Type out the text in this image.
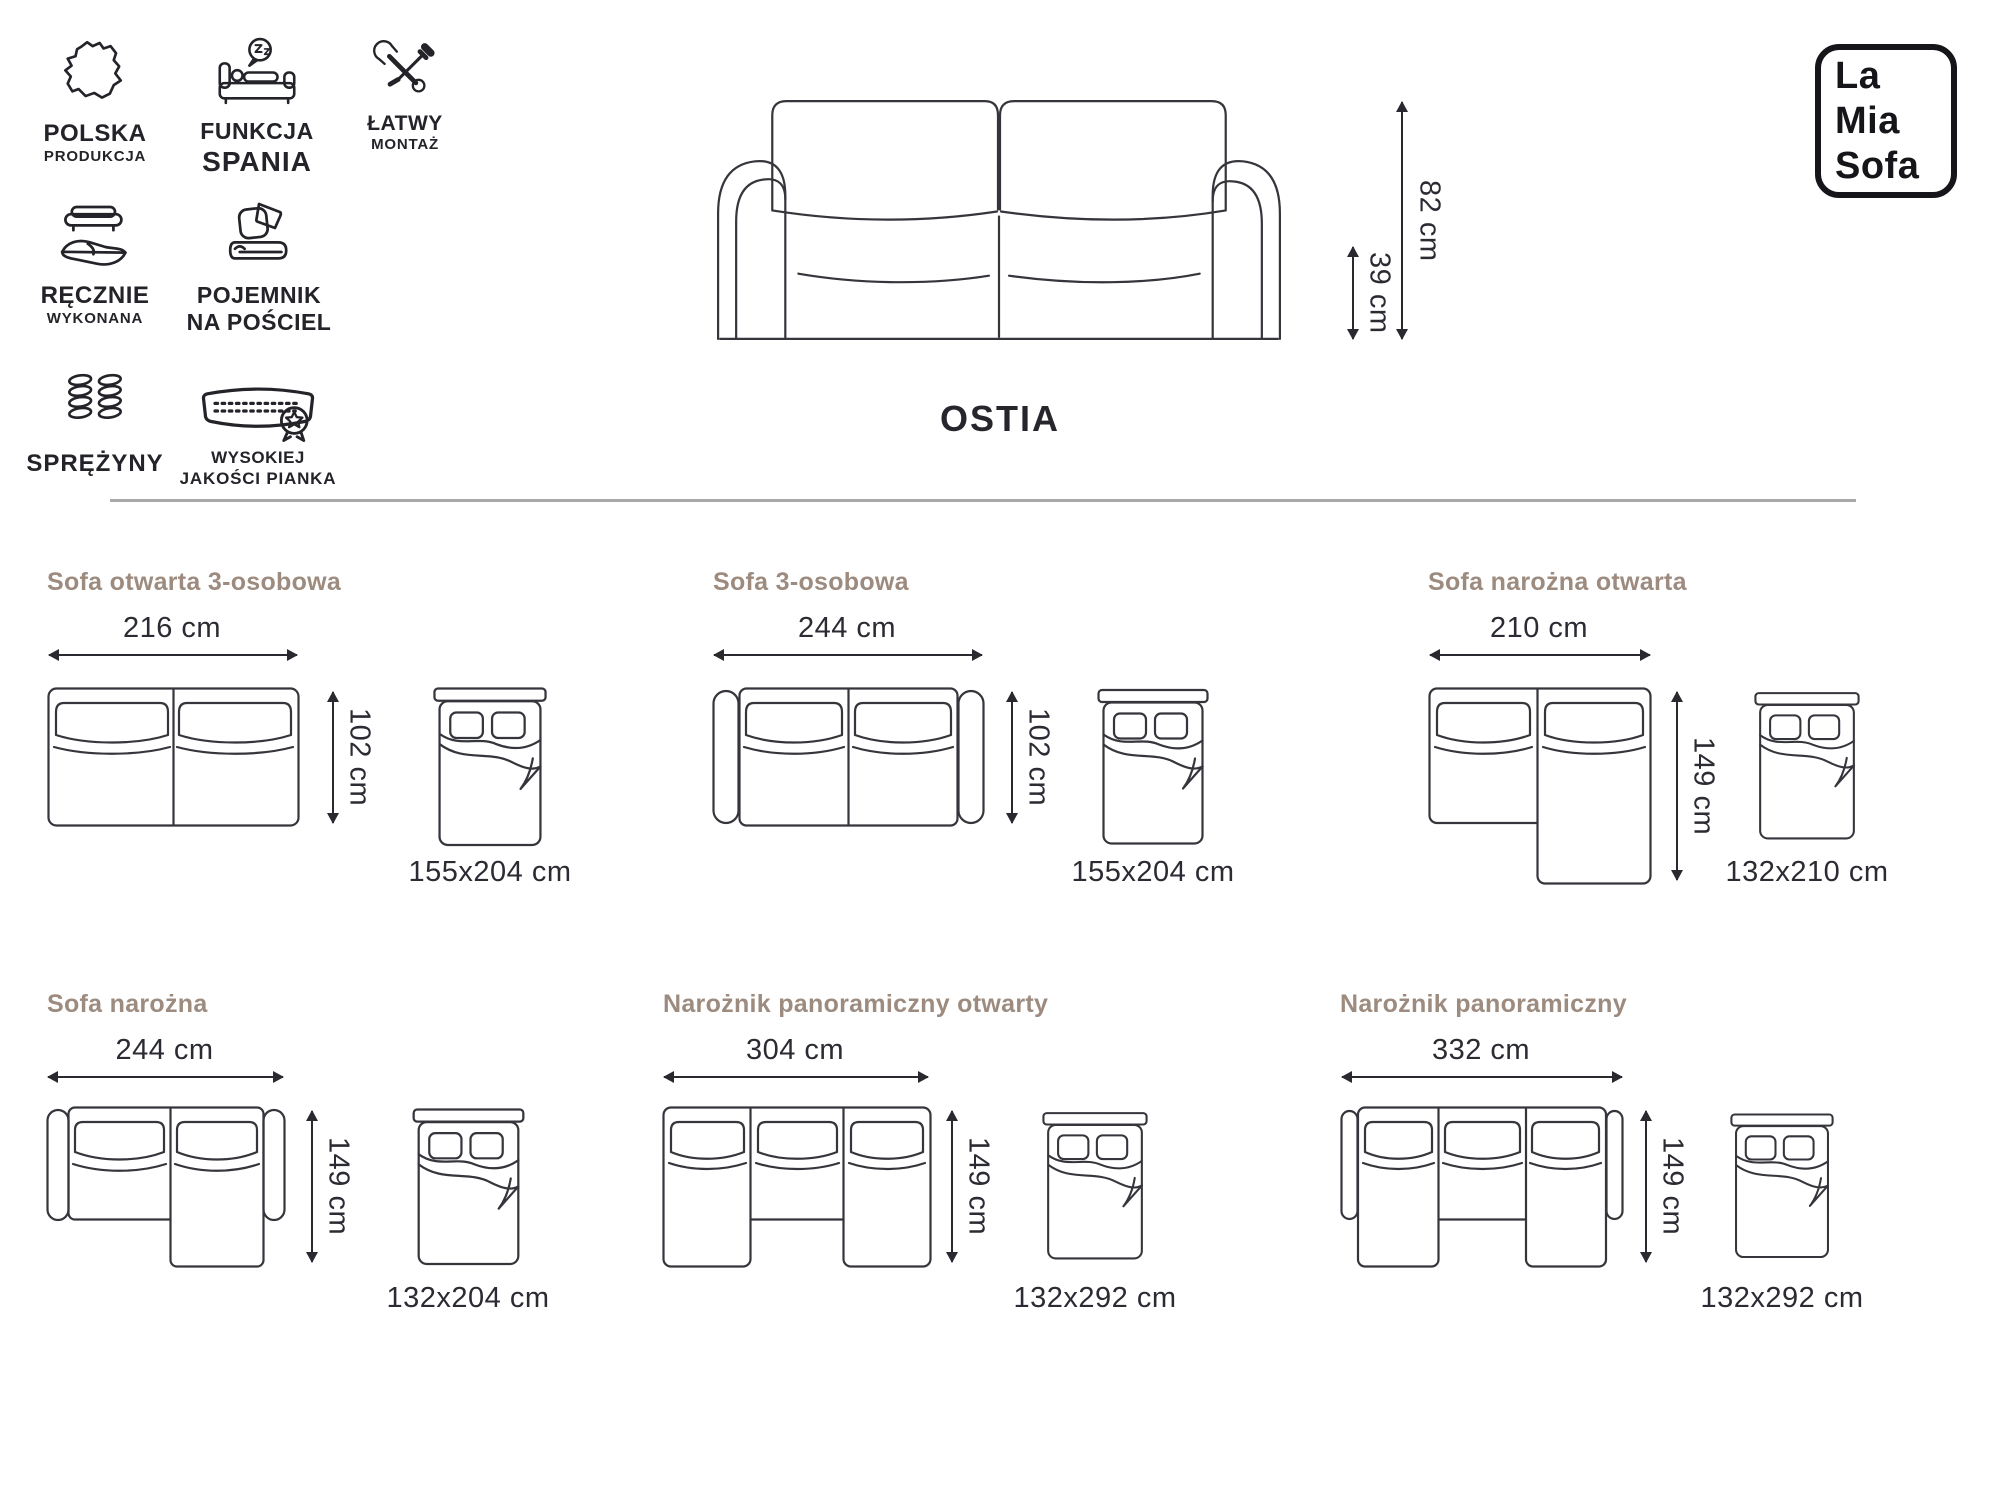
POLSKA
PRODUKCJA
FUNKCJA
SPANIA
ŁATWY
MONTAŻ
RĘCZNIE
WYKONANA
POJEMNIK
NA POŚCIEL
SPRĘŻYNY	WYSOKIEJ
JAKOŚCI PIANKA
39 cm
82 cm
OSTIA
La
Mia
Sofa
Sofa otwarta 3-osobowa
216 cm
102 cm
155x204 cm
Sofa 3-osobowa
244 cm
102 cm
155x204 cm
Sofa narożna otwarta
210 cm
149 cm
132x210 cm
Sofa narożna
244 cm
149 cm
132x204 cm
Narożnik panoramiczny otwarty
304 cm
149 cm
132x292 cm
Narożnik panoramiczny
332 cm
149 cm
132x292 cm
